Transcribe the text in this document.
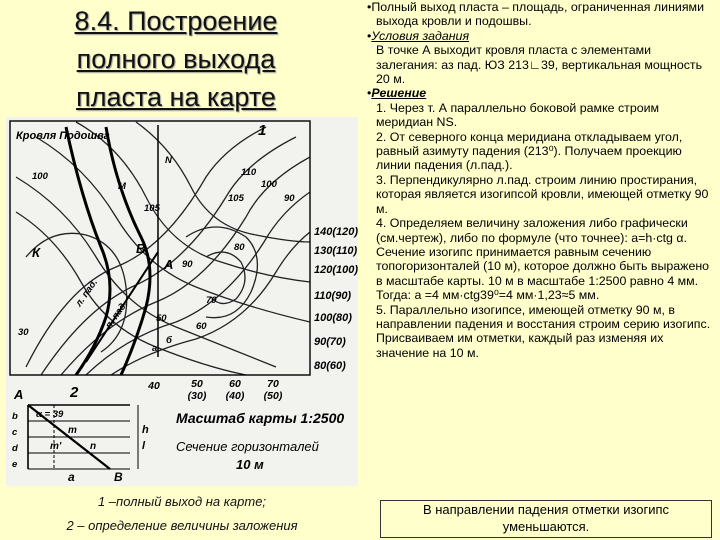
8.4. Построение
полного выхода
пласта на карте
1
Кровля Подошва
100
М
N
105
110
105
100
90
К	В
А
80
90
70
60
50
б
а
п. пад.
30
л. пад.
140(120)
130(110)
120(100)
110(90)
100(80)
90(70)
80(60)
40	50
(30)
60
(40)
70
(50)
Масштаб карты 1:2500
Сечение горизонталей
10 м
2
А
α = 39
m
m'	n
h
l
a	В
b
c
d
e
1 –полный выход на карте;
2 – определение величины заложения

•Полный выход пласта – площадь, ограниченная линиями выхода кровли и подошвы.

•Условия задания

В точке А выходит кровля пласта с элементами залегания: аз пад. ЮЗ 213∟39, вертикальная мощность 20 м.

•Решение

1. Через т. А параллельно боковой рамке строим меридиан NS.

2. От северного конца меридиана откладываем угол, равный азимуту падения (213⁰). Получаем проекцию линии падения (л.пад.).

3. Перпендикулярно л.пад. строим линию простирания, которая является изогипсой кровли, имеющей отметку 90 м.

4. Определяем величину заложения либо графически (см.чертеж), либо по формуле (что точнее): а=h·ctg α. Сечение изогипс принимается равным сечению топогоризонталей (10 м), которое должно быть выражено в масштабе карты. 10 м в масштабе 1:2500 равно 4 мм. Тогда: а =4 мм·ctg39⁰=4 мм·1,23≈5 мм.

5. Параллельно изогипсе, имеющей отметку 90 м, в направлении падения и восстания строим серию изогипс. Присваиваем им отметки, каждый раз изменяя их значение на 10 м.

В направлении падения отметки изогипс уменьшаются.
